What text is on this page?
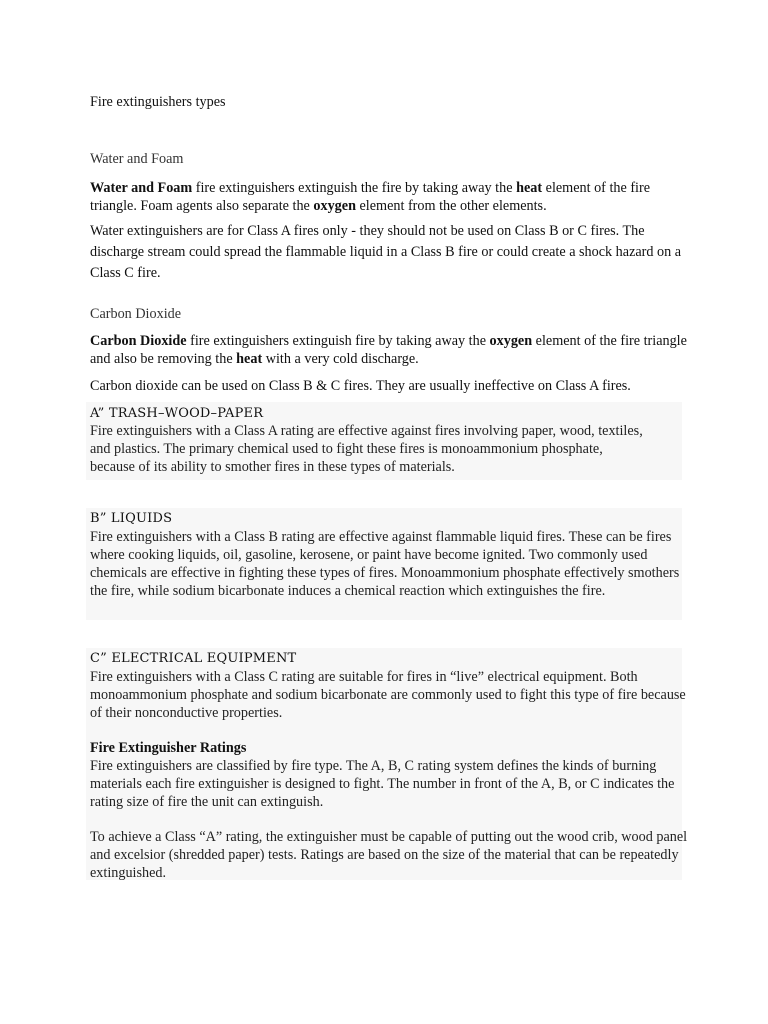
Fire extinguishers types
Water and Foam
Water and Foam fire extinguishers extinguish the fire by taking away the heat element of the fire triangle. Foam agents also separate the oxygen element from the other elements.
Water extinguishers are for Class A fires only - they should not be used on Class B or C fires. The discharge stream could spread the flammable liquid in a Class B fire or could create a shock hazard on a Class C fire.
Carbon Dioxide
Carbon Dioxide fire extinguishers extinguish fire by taking away the oxygen element of the fire triangle and also be removing the heat with a very cold discharge.
Carbon dioxide can be used on Class B & C fires. They are usually ineffective on Class A fires.
A” TRASH–WOOD–PAPER
Fire extinguishers with a Class A rating are effective against fires involving paper, wood, textiles, and plastics. The primary chemical used to fight these fires is monoammonium phosphate, because of its ability to smother fires in these types of materials.
B” LIQUIDS
Fire extinguishers with a Class B rating are effective against flammable liquid fires. These can be fires where cooking liquids, oil, gasoline, kerosene, or paint have become ignited. Two commonly used chemicals are effective in fighting these types of fires. Monoammonium phosphate effectively smothers the fire, while sodium bicarbonate induces a chemical reaction which extinguishes the fire.
C” ELECTRICAL EQUIPMENT
Fire extinguishers with a Class C rating are suitable for fires in “live” electrical equipment. Both monoammonium phosphate and sodium bicarbonate are commonly used to fight this type of fire because of their nonconductive properties.
Fire Extinguisher Ratings
Fire extinguishers are classified by fire type. The A, B, C rating system defines the kinds of burning materials each fire extinguisher is designed to fight. The number in front of the A, B, or C indicates the rating size of fire the unit can extinguish.
To achieve a Class “A” rating, the extinguisher must be capable of putting out the wood crib, wood panel and excelsior (shredded paper) tests. Ratings are based on the size of the material that can be repeatedly extinguished.
